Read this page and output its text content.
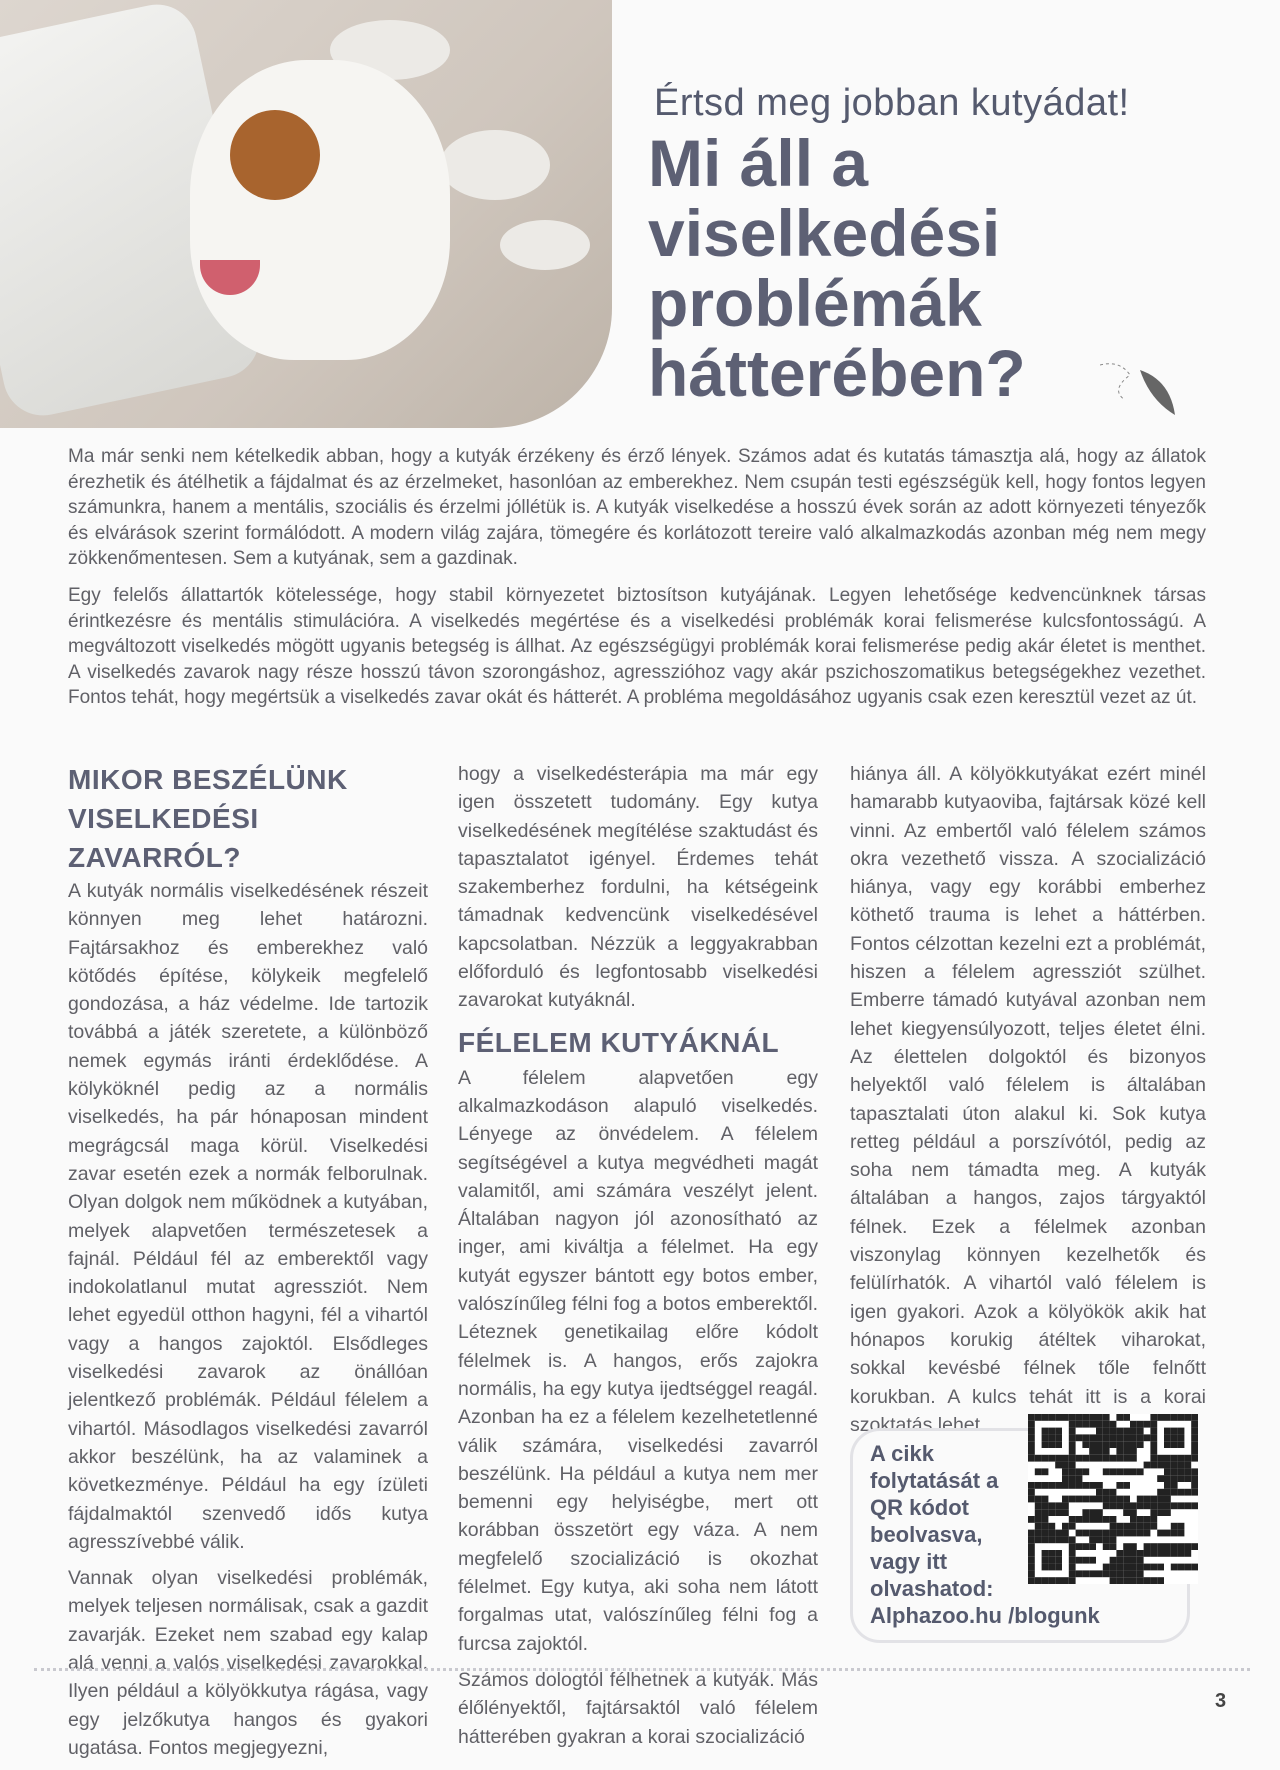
Értsd meg jobban kutyádat!
Mi áll a
viselkedési
problémák
hátterében?

Ma már senki nem kételkedik abban, hogy a kutyák érzékeny és érző lények. Számos adat és kutatás támasztja alá, hogy az állatok érezhetik és átélhetik a fájdalmat és az érzelmeket, hasonlóan az emberekhez. Nem csupán testi egészségük kell, hogy fontos legyen számunkra, hanem a mentális, szociális és érzelmi jóllétük is. A kutyák viselkedése a hosszú évek során az adott környezeti tényezők és elvárások szerint formálódott. A modern világ zajára, tömegére és korlátozott tereire való alkalmazkodás azonban még nem megy zökkenőmentesen. Sem a kutyának, sem a gazdinak.

Egy felelős állattartók kötelessége, hogy stabil környezetet biztosítson kutyájának. Legyen lehetősége kedvencünknek társas érintkezésre és mentális stimulációra. A viselkedés megértése és a viselkedési problémák korai felismerése kulcsfontosságú. A megváltozott viselkedés mögött ugyanis betegség is állhat. Az egészségügyi problémák korai felismerése pedig akár életet is menthet. A viselkedés zavarok nagy része hosszú távon szorongáshoz, agresszióhoz vagy akár pszichoszomatikus betegségekhez vezethet. Fontos tehát, hogy megértsük a viselkedés zavar okát és hátterét. A probléma megoldásához ugyanis csak ezen keresztül vezet az út.

MIKOR BESZÉLÜNK VISELKEDÉSI ZAVARRÓL?

A kutyák normális viselkedésének részeit könnyen meg lehet határozni. Fajtársakhoz és emberekhez való kötődés építése, kölykeik megfelelő gondozása, a ház védelme. Ide tartozik továbbá a játék szeretete, a különböző nemek egymás iránti érdeklődése. A kölyköknél pedig az a normális viselkedés, ha pár hónaposan mindent megrágcsál maga körül. Viselkedési zavar esetén ezek a normák felborulnak. Olyan dolgok nem működnek a kutyában, melyek alapvetően természetesek a fajnál. Például fél az emberektől vagy indokolatlanul mutat agressziót. Nem lehet egyedül otthon hagyni, fél a vihartól vagy a hangos zajoktól. Elsődleges viselkedési zavarok az önállóan jelentkező problémák. Például félelem a vihartól. Másodlagos viselkedési zavarról akkor beszélünk, ha az valaminek a következménye. Például ha egy ízületi fájdalmaktól szenvedő idős kutya agresszívebbé válik.

Vannak olyan viselkedési problémák, melyek teljesen normálisak, csak a gazdit zavarják. Ezeket nem szabad egy kalap alá venni a valós viselkedési zavarokkal. Ilyen például a kölyökkutya rágása, vagy egy jelzőkutya hangos és gyakori ugatása. Fontos megjegyezni,

hogy a viselkedésterápia ma már egy igen összetett tudomány. Egy kutya viselkedésének megítélése szaktudást és tapasztalatot igényel. Érdemes tehát szakemberhez fordulni, ha kétségeink támadnak kedvencünk viselkedésével kapcsolatban. Nézzük a leggyakrabban előforduló és legfontosabb viselkedési zavarokat kutyáknál.

FÉLELEM KUTYÁKNÁL

A félelem alapvetően egy alkalmazkodáson alapuló viselkedés. Lényege az önvédelem. A félelem segítségével a kutya megvédheti magát valamitől, ami számára veszélyt jelent. Általában nagyon jól azonosítható az inger, ami kiváltja a félelmet. Ha egy kutyát egyszer bántott egy botos ember, valószínűleg félni fog a botos emberektől. Léteznek genetikailag előre kódolt félelmek is. A hangos, erős zajokra normális, ha egy kutya ijedtséggel reagál. Azonban ha ez a félelem kezelhetetlenné válik számára, viselkedési zavarról beszélünk. Ha például a kutya nem mer bemenni egy helyiségbe, mert ott korábban összetört egy váza. A nem megfelelő szocializáció is okozhat félelmet. Egy kutya, aki soha nem látott forgalmas utat, valószínűleg félni fog a furcsa zajoktól.

Számos dologtól félhetnek a kutyák. Más élőlényektől, fajtársaktól való félelem hátterében gyakran a korai szocializáció

hiánya áll. A kölyökkutyákat ezért minél hamarabb kutyaoviba, fajtársak közé kell vinni. Az embertől való félelem számos okra vezethető vissza. A szocializáció hiánya, vagy egy korábbi emberhez köthető trauma is lehet a háttérben. Fontos célzottan kezelni ezt a problémát, hiszen a félelem agressziót szülhet. Emberre támadó kutyával azonban nem lehet kiegyensúlyozott, teljes életet élni. Az élettelen dolgoktól és bizonyos helyektől való félelem is általában tapasztalati úton alakul ki. Sok kutya retteg például a porszívótól, pedig az soha nem támadta meg. A kutyák általában a hangos, zajos tárgyaktól félnek. Ezek a félelmek azonban viszonylag könnyen kezelhetők és felülírhatók. A vihartól való félelem is igen gyakori. Azok a kölyökök akik hat hónapos korukig átéltek viharokat, sokkal kevésbé félnek tőle felnőtt korukban. A kulcs tehát itt is a korai szoktatás lehet.

A cikk folytatását a QR kódot beolvasva, vagy itt olvashatod:
Alphazoo.hu /blogunk
3
